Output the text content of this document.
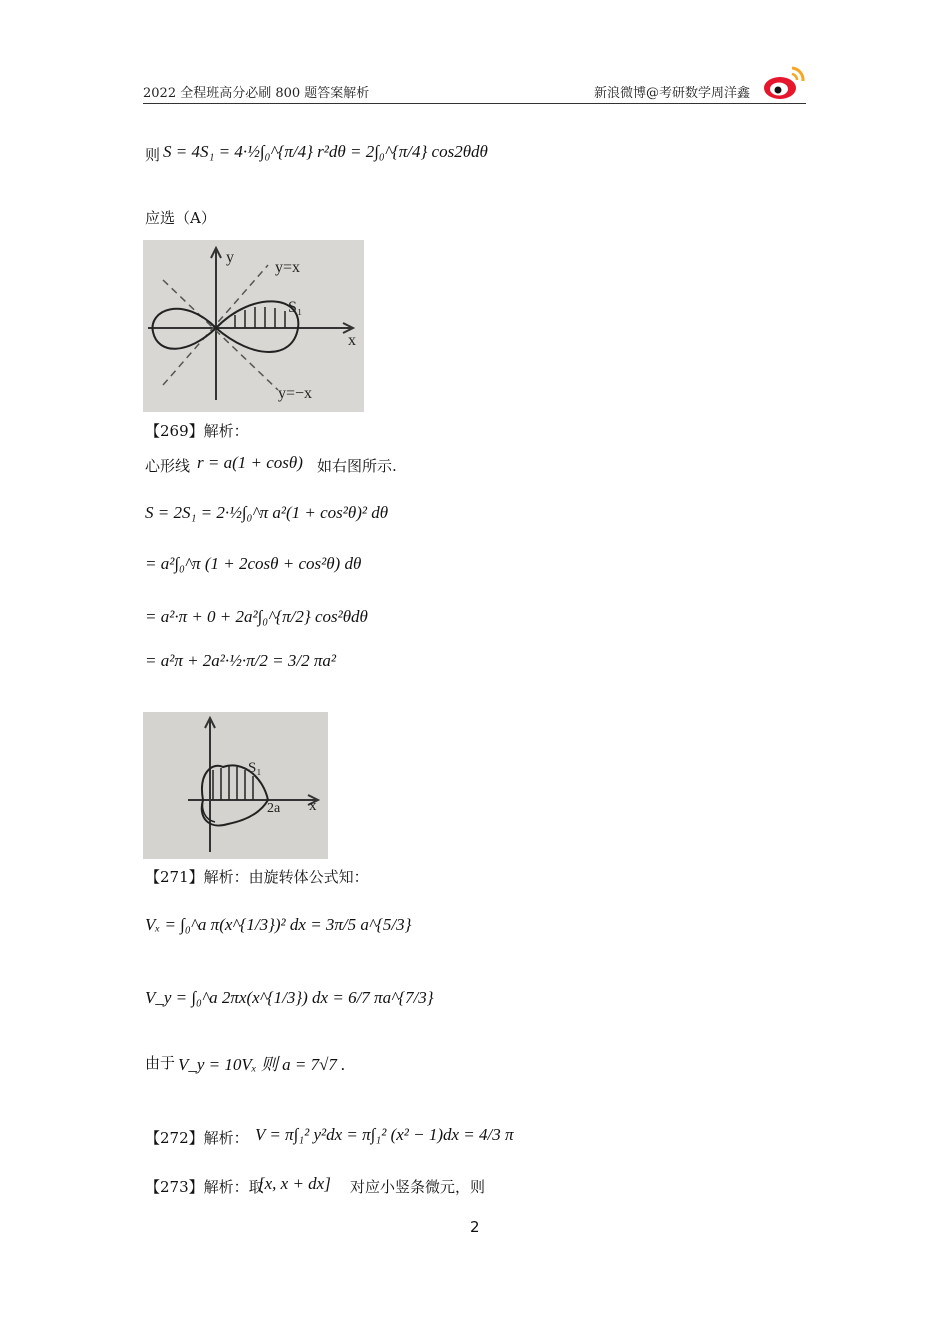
2022 全程班高分必刷 800 题答案解析	新浪微博@考研数学周洋鑫
则 S = 4S₁ = 4·½∫₀^{π/4} r²dθ = 2∫₀^{π/4} cos2θdθ
应选（A）
y
y=x
S₁
x
y=−x
【269】解析：
心形线 r = a(1 + cosθ) 如右图所示.
S = 2S₁ = 2·½∫₀^π a²(1 + cos²θ)² dθ
= a²∫₀^π (1 + 2cosθ + cos²θ) dθ
= a²·π + 0 + 2a²∫₀^{π/2} cos²θdθ
= a²π + 2a²·½·π/2 = 3/2 πa²
S₁
2a x
【271】解析：由旋转体公式知：
Vₓ = ∫₀^a π(x^{1/3})² dx = 3π/5 a^{5/3}
V_y = ∫₀^a 2πx(x^{1/3}) dx = 6/7 πa^{7/3}
由于 V_y = 10Vₓ 则 a = 7√7 .
【272】解析： V = π∫₁² y²dx = π∫₁² (x² − 1)dx = 4/3 π
【273】解析：取
[x, x + dx] 对应小竖条微元，则
2
